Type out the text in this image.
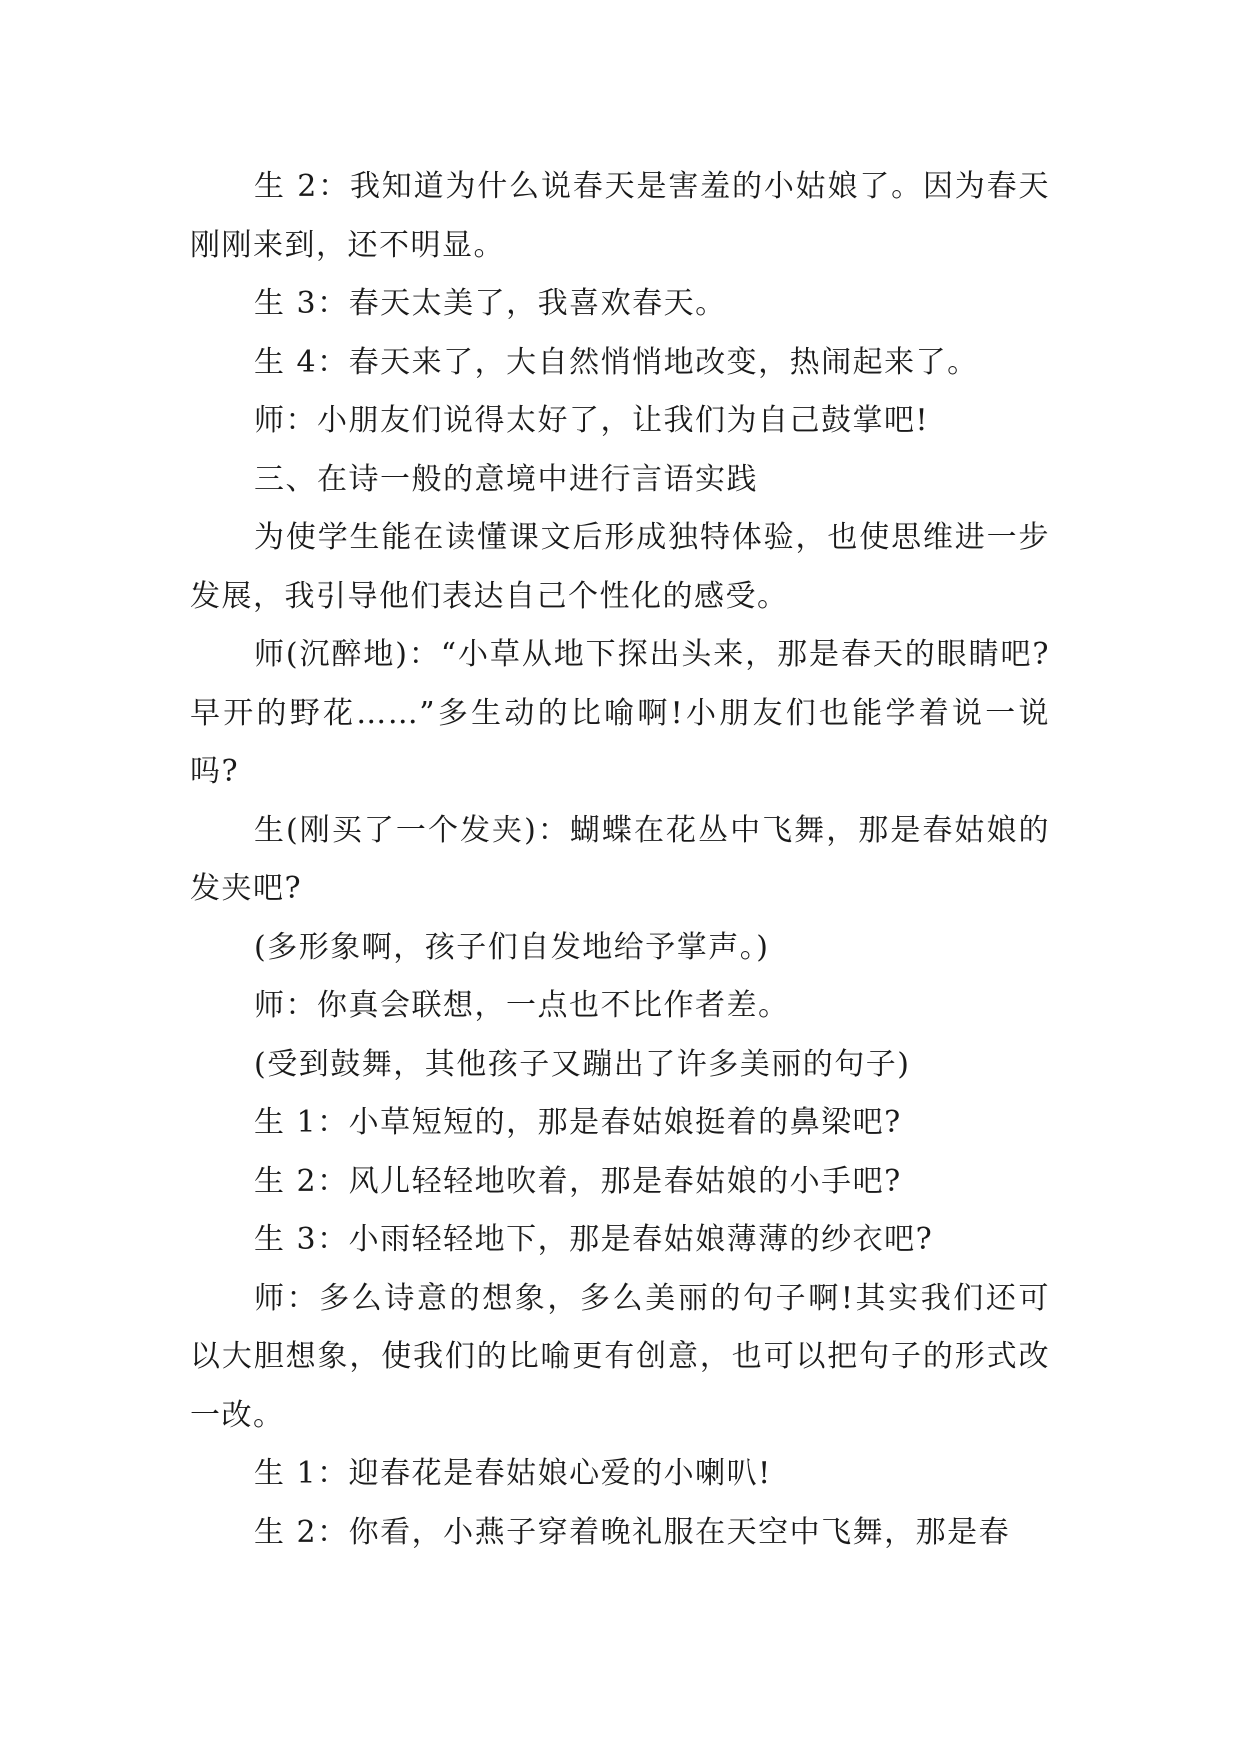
生 2：我知道为什么说春天是害羞的小姑娘了。因为春天刚刚来到，还不明显。

生 3：春天太美了，我喜欢春天。

生 4：春天来了，大自然悄悄地改变，热闹起来了。

师：小朋友们说得太好了，让我们为自己鼓掌吧!

三、在诗一般的意境中进行言语实践

为使学生能在读懂课文后形成独特体验，也使思维进一步发展，我引导他们表达自己个性化的感受。

师(沉醉地)：“小草从地下探出头来，那是春天的眼睛吧?早开的野花……”多生动的比喻啊!小朋友们也能学着说一说吗?

生(刚买了一个发夹)：蝴蝶在花丛中飞舞，那是春姑娘的发夹吧?

(多形象啊，孩子们自发地给予掌声。)

师：你真会联想，一点也不比作者差。

(受到鼓舞，其他孩子又蹦出了许多美丽的句子)

生 1：小草短短的，那是春姑娘挺着的鼻梁吧?

生 2：风儿轻轻地吹着，那是春姑娘的小手吧?

生 3：小雨轻轻地下，那是春姑娘薄薄的纱衣吧?

师：多么诗意的想象，多么美丽的句子啊!其实我们还可以大胆想象，使我们的比喻更有创意，也可以把句子的形式改一改。

生 1：迎春花是春姑娘心爱的小喇叭!

生 2：你看，小燕子穿着晚礼服在天空中飞舞，那是春
